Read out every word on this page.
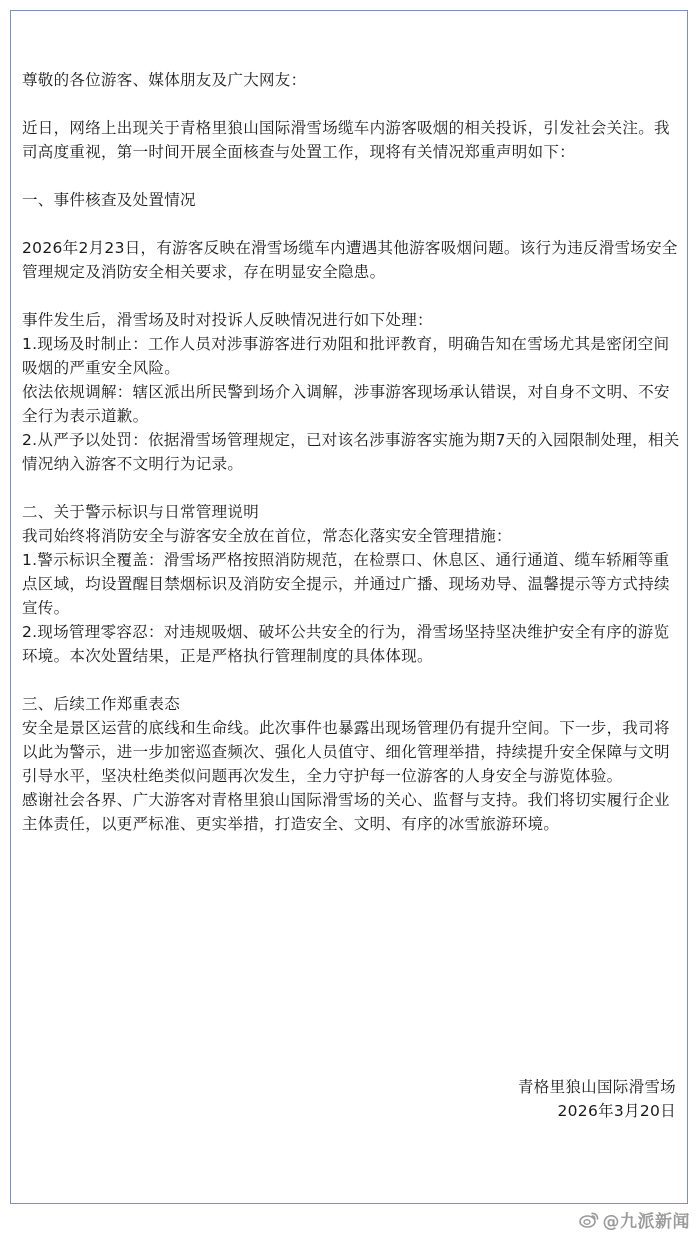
尊敬的各位游客、媒体朋友及广大网友：

近日，网络上出现关于青格里狼山国际滑雪场缆车内游客吸烟的相关投诉，引发社会关注。我司高度重视，第一时间开展全面核查与处置工作，现将有关情况郑重声明如下：

一、事件核查及处置情况

2026年2月23日，有游客反映在滑雪场缆车内遭遇其他游客吸烟问题。该行为违反滑雪场安全管理规定及消防安全相关要求，存在明显安全隐患。

事件发生后，滑雪场及时对投诉人反映情况进行如下处理：

1.现场及时制止：工作人员对涉事游客进行劝阻和批评教育，明确告知在雪场尤其是密闭空间吸烟的严重安全风险。

依法依规调解：辖区派出所民警到场介入调解，涉事游客现场承认错误，对自身不文明、不安全行为表示道歉。

2.从严予以处罚：依据滑雪场管理规定，已对该名涉事游客实施为期7天的入园限制处理，相关情况纳入游客不文明行为记录。

二、关于警示标识与日常管理说明

我司始终将消防安全与游客安全放在首位，常态化落实安全管理措施：

1.警示标识全覆盖：滑雪场严格按照消防规范，在检票口、休息区、通行通道、缆车轿厢等重点区域，均设置醒目禁烟标识及消防安全提示，并通过广播、现场劝导、温馨提示等方式持续宣传。

2.现场管理零容忍：对违规吸烟、破坏公共安全的行为，滑雪场坚持坚决维护安全有序的游览环境。本次处置结果，正是严格执行管理制度的具体体现。

三、后续工作郑重表态

安全是景区运营的底线和生命线。此次事件也暴露出现场管理仍有提升空间。下一步，我司将以此为警示，进一步加密巡查频次、强化人员值守、细化管理举措，持续提升安全保障与文明引导水平，坚决杜绝类似问题再次发生，全力守护每一位游客的人身安全与游览体验。

感谢社会各界、广大游客对青格里狼山国际滑雪场的关心、监督与支持。我们将切实履行企业主体责任，以更严标准、更实举措，打造安全、文明、有序的冰雪旅游环境。

青格里狼山国际滑雪场
2026年3月20日
@九派新闻
